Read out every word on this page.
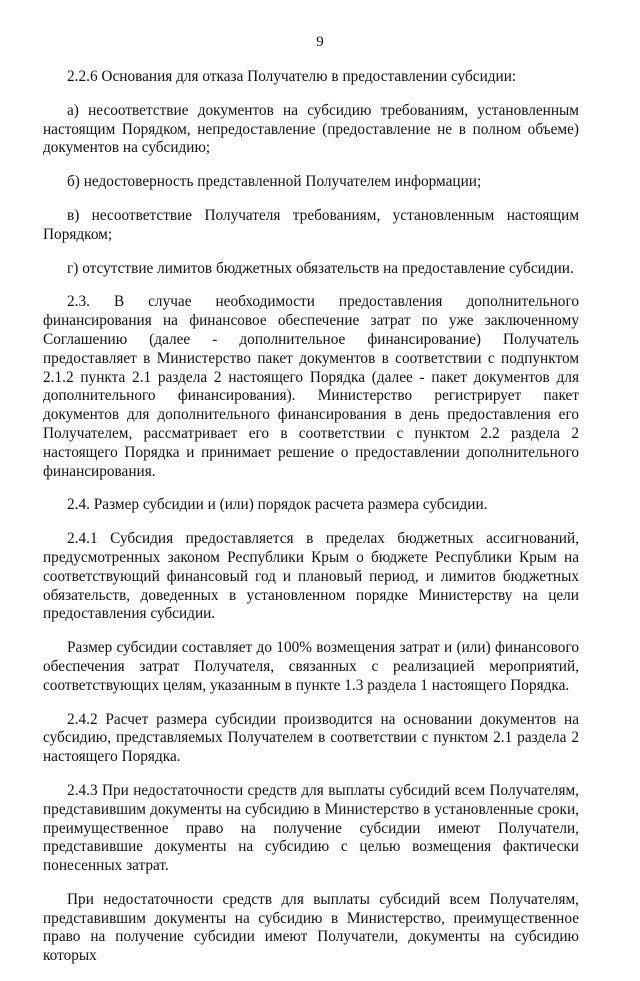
9

2.2.6 Основания для отказа Получателю в предоставлении субсидии:

а) несоответствие документов на субсидию требованиям, установленным настоящим Порядком, непредоставление (предоставление не в полном объеме) документов на субсидию;

б) недостоверность представленной Получателем информации;

в) несоответствие Получателя требованиям, установленным настоящим Порядком;

г) отсутствие лимитов бюджетных обязательств на предоставление субсидии.

2.3. В случае необходимости предоставления дополнительного финансирования на финансовое обеспечение затрат по уже заключенному Соглашению (далее - дополнительное финансирование) Получатель предоставляет в Министерство пакет документов в соответствии с подпунктом 2.1.2 пункта 2.1 раздела 2 настоящего Порядка (далее - пакет документов для дополнительного финансирования). Министерство регистрирует пакет документов для дополнительного финансирования в день предоставления его Получателем, рассматривает его в соответствии с пунктом 2.2 раздела 2 настоящего Порядка и принимает решение о предоставлении дополнительного финансирования.

2.4. Размер субсидии и (или) порядок расчета размера субсидии.

2.4.1 Субсидия предоставляется в пределах бюджетных ассигнований, предусмотренных законом Республики Крым о бюджете Республики Крым на соответствующий финансовый год и плановый период, и лимитов бюджетных обязательств, доведенных в установленном порядке Министерству на цели предоставления субсидии.

Размер субсидии составляет до 100% возмещения затрат и (или) финансового обеспечения затрат Получателя, связанных с реализацией мероприятий, соответствующих целям, указанным в пункте 1.3 раздела 1 настоящего Порядка.

2.4.2 Расчет размера субсидии производится на основании документов на субсидию, представляемых Получателем в соответствии с пунктом 2.1 раздела 2 настоящего Порядка.

2.4.3 При недостаточности средств для выплаты субсидий всем Получателям, представившим документы на субсидию в Министерство в установленные сроки, преимущественное право на получение субсидии имеют Получатели, представившие документы на субсидию с целью возмещения фактически понесенных затрат.

При недостаточности средств для выплаты субсидий всем Получателям, представившим документы на субсидию в Министерство, преимущественное право на получение субсидии имеют Получатели, документы на субсидию которых
